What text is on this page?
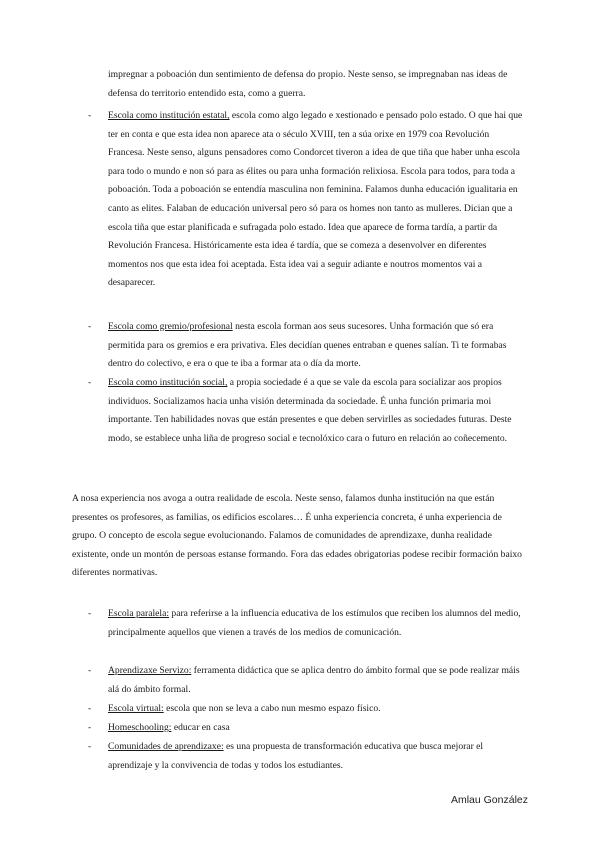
impregnar a poboación dun sentimiento de defensa do propio. Neste senso, se impregnaban nas ideas de defensa do territorio entendido esta, como a guerra.

-	Escola como institución estatal, escola como algo legado e xestionado e pensado polo estado. O que hai que ter en conta e que esta idea non aparece ata o século XVIII, ten a súa orixe en 1979 coa Revolución Francesa. Neste senso, alguns pensadores como Condorcet tiveron a idea de que tiña que haber unha escola para todo o mundo e non só para as élites ou para unha formación relixiosa. Escola para todos, para toda a poboación. Toda a poboación se entendía masculina non feminina. Falamos dunha educación igualitaria en canto as elites. Falaban de educación universal pero só para os homes non tanto as mulleres. Dician que a escola tiña que estar planificada e sufragada polo estado. Idea que aparece de forma tardía, a partir da Revolución Francesa. Históricamente esta idea é tardía, que se comeza a desenvolver en diferentes momentos nos que esta idea foi aceptada. Esta idea vai a seguir adiante e noutros momentos vai a desaparecer.
-	Escola como gremio/profesional nesta escola forman aos seus sucesores. Unha formación que só era permitida para os gremios e era privativa. Eles decidían quenes entraban e quenes salían. Ti te formabas dentro do colectivo, e era o que te iba a formar ata o día da morte.
-	Escola como institución social, a propia sociedade é a que se vale da escola para socializar aos propios individuos. Socializamos hacia unha visión determinada da sociedade. É unha función primaria moi importante. Ten habilidades novas que están presentes e que deben servirlles as sociedades futuras. Deste modo, se establece unha liña de progreso social e tecnolóxico cara o futuro en relación ao coñecemento.

A nosa experiencia nos avoga a outra realidade de escola. Neste senso, falamos dunha institución na que están presentes os profesores, as familias, os edificios escolares… É unha experiencia concreta, é unha experiencia de grupo. O concepto de escola segue evolucionando. Falamos de comunidades de aprendizaxe, dunha realidade existente, onde un montón de persoas estanse formando. Fora das edades obrigatorias podese recibir formación baixo diferentes normativas.

-	Escola paralela: para referirse a la influencia educativa de los estímulos que reciben los alumnos del medio, principalmente aquellos que vienen a través de los medios de comunicación.
-	Aprendizaxe Servizo: ferramenta didáctica que se aplica dentro do ámbito formal que se pode realizar máis alá do ámbito formal.
-	Escola virtual: escola que non se leva a cabo nun mesmo espazo físico.
-	Homeschooling: educar en casa
-	Comunidades de aprendizaxe: es una propuesta de transformación educativa que busca mejorar el aprendizaje y la convivencia de todas y todos los estudiantes.
Amlau González
